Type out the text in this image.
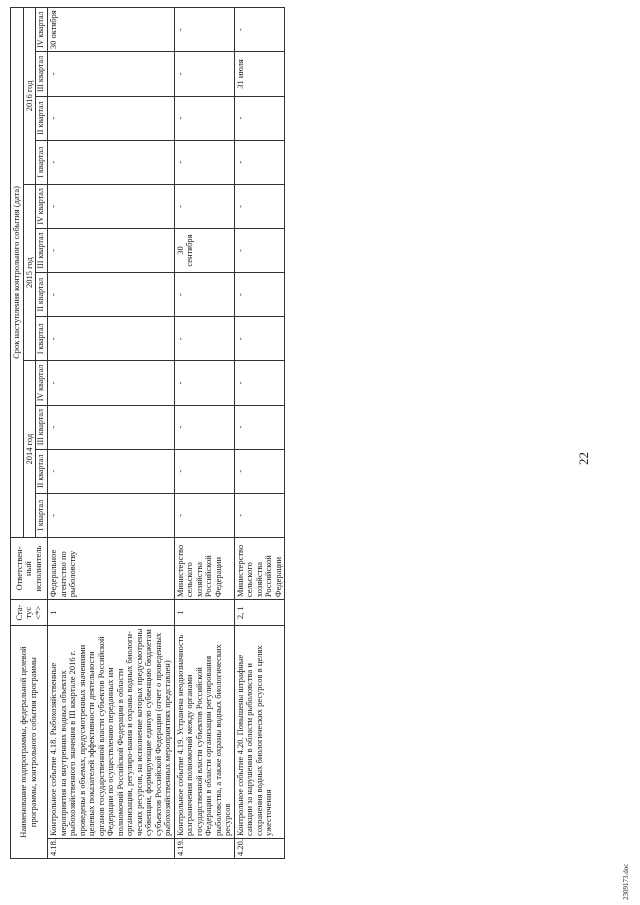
22
Наименование подпрограммы, федеральной целевой программы, контрольного события программы		Ста-тус <*>	Ответствен-ный исполнитель	Срок наступления контрольного события (дата)											
				2014 год				2015 год				2016 год			
				I квартал	II квартал	III квартал	IV квартал	I квартал	II квартал	III квартал	IV квартал	I квартал	II квартал	III квартал	IV квартал
4.18.	Контрольное событие 4.18. Рыбохозяйственные мероприятия на внутренних водных объектах рыбохозяйственного значения в III квартале 2016 г. проведены в объемах, предусмотренных значениями целевых показателей эффективности деятельности органов государственной власти субъектов Российской Федерации по осуществлению переданных им полномочий Российской Федерации в области организации, регулиро-вания и охраны водных биологи-ческих ресурсов, на исполнение которых предусмотрены субвенции, формирующие единую субвенцию бюджетам субъектов Российской Федерации (отчет о проведенных рыбохозяйственных мероприятиях представлен)	1	Федеральное агентство по рыболовству	-	-	-	-	-	-	-	-	-	-	-	30 октября
4.19.	Контрольное событие 4.19. Устранена неоднозначность разграничения полномочий между органами государственной власти субъектов Российской Федерации в области организации регулирования рыболовства, а также охраны водных биологических ресурсов	1	Министерство сельского хозяйства Российской Федерации	-	-	-	-	-	-	30 сентября	-	-	-	-	-
4.20.	Контрольное событие 4.20. Повышены штрафные санкции за нарушения в области рыболовства и сохранения водных биологических ресурсов в целях ужесточения	2, 1	Министерство сельского хозяйства Российской Федерации	-	-	-	-	-	-	-	-	-	-	31 июля	-
2309173.doc
